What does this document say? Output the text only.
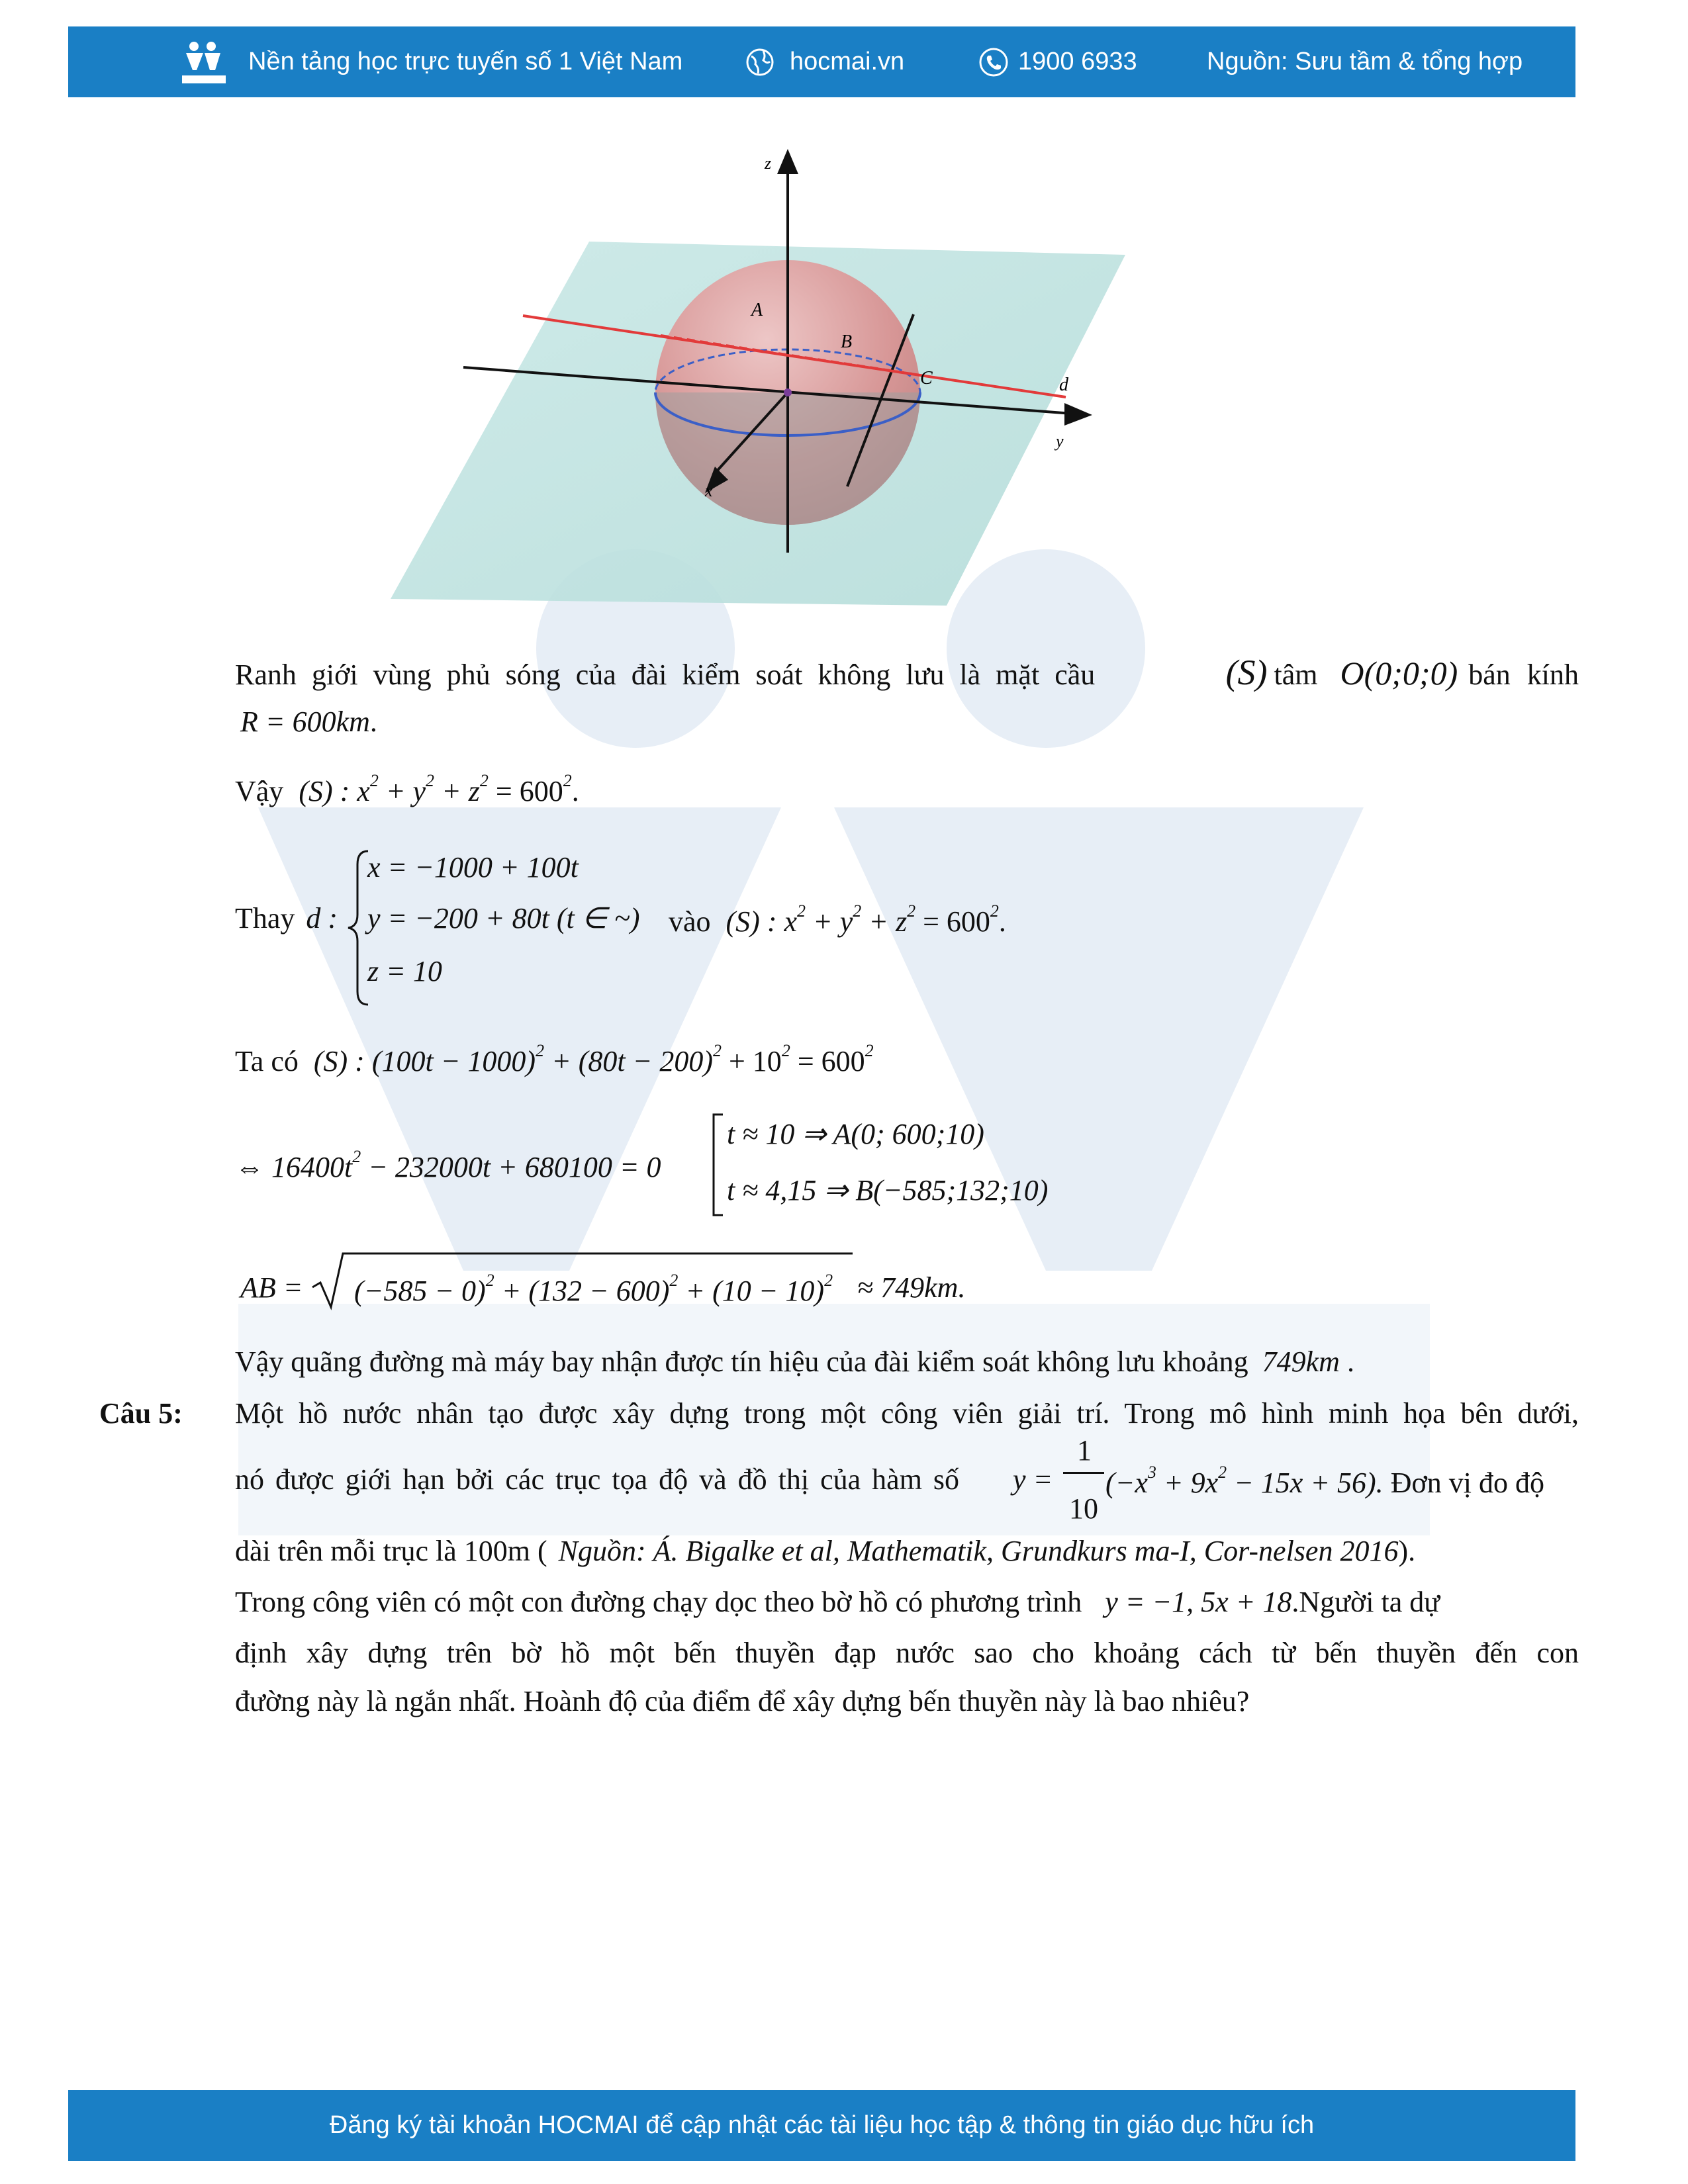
Nền tảng học trực tuyến số 1 Việt Nam	hocmai.vn	1900 6933	Nguồn: Sưu tầm & tổng hợp
z
y
x
A
B
C	d
Ranh giới vùng phủ sóng của đài kiểm soát không lưu là mặt cầu	(S) tâm O(0;0;0) bán kính
R = 600km.
Vậy (S) : $x^2 + y^2 + z^2 = 600^2$.
Thay d :
x = −1000 + 100t
y = −200 + 80t (t ∈ ~)
z = 10
vào (S) : $x^2 + y^2 + z^2 = 600^2$.
Ta có (S) : $(100t - 1000)^2 + (80t - 200)^2 + 10^2 = 600^2$
⇔ $16400t^2 - 232000t + 680100 = 0$
t ≈ 10 ⇒ A(0; 600;10)
t ≈ 4,15 ⇒ B(−585;132;10)
AB = $(-585 - 0)^2 + (132 - 600)^2 + (10 - 10)^2 \approx 749km$.
Vậy quãng đường mà máy bay nhận được tín hiệu của đài kiểm soát không lưu khoảng 749km .
Câu 5: Một hồ nước nhân tạo được xây dựng trong một công viên giải trí. Trong mô hình minh họa bên dưới,
nó được giới hạn bởi các trục tọa độ và đồ thị của hàm số y =
1
10
$(-x^3 + 9x^2 - 15x + 56)$. Đơn vị đo độ
dài trên mỗi trục là 100m ( Nguồn: Á. Bigalke et al, Mathematik, Grundkurs ma-I, Cor-nelsen 2016).
Trong công viên có một con đường chạy dọc theo bờ hồ có phương trình y = −1, 5x + 18.Người ta dự
định xây dựng trên bờ hồ một bến thuyền đạp nước sao cho khoảng cách từ bến thuyền đến con
đường này là ngắn nhất. Hoành độ của điểm để xây dựng bến thuyền này là bao nhiêu?
Đăng ký tài khoản HOCMAI để cập nhật các tài liệu học tập & thông tin giáo dục hữu ích
